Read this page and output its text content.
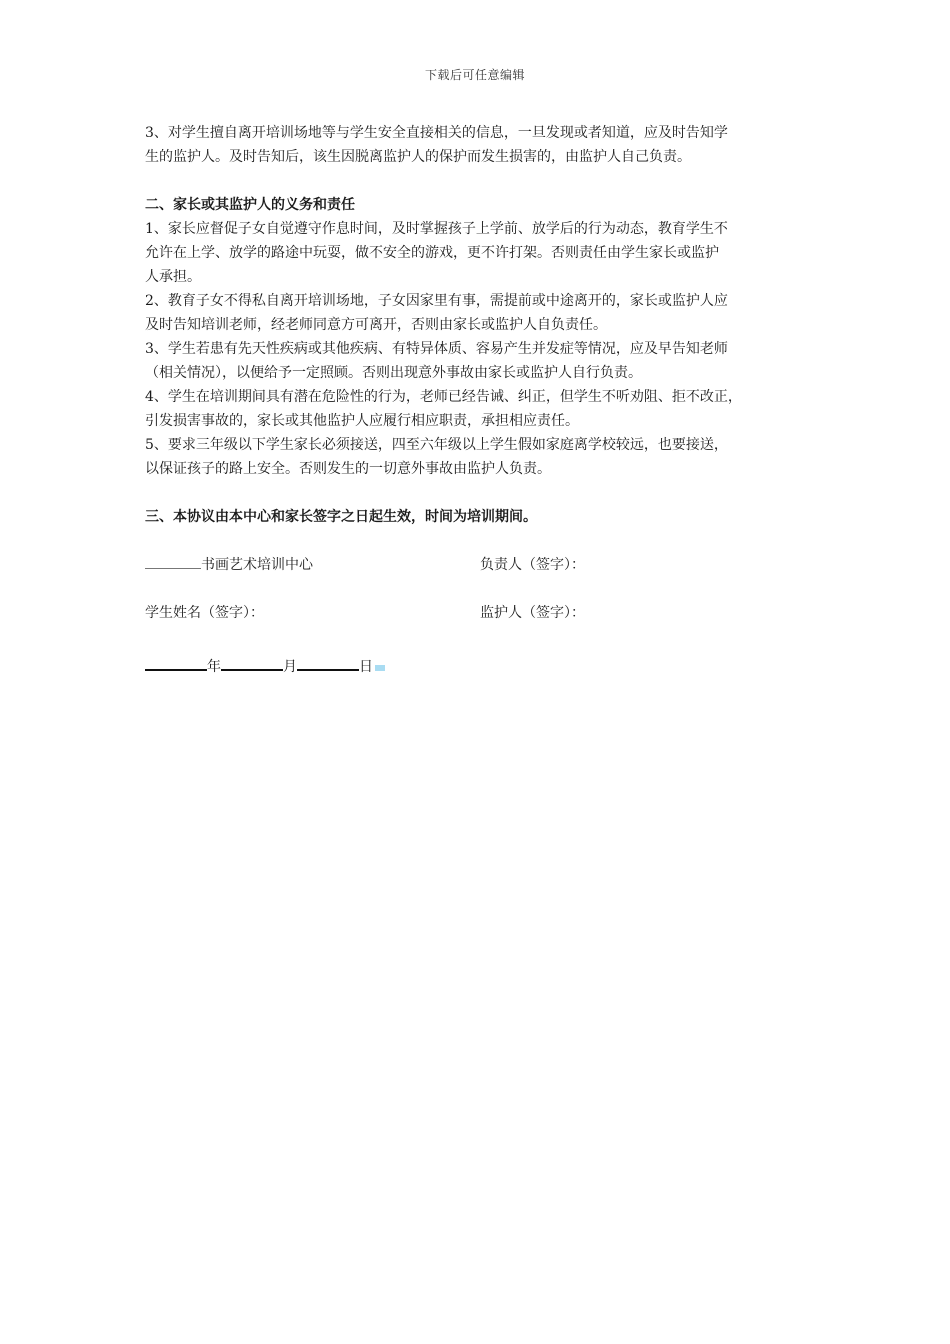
下载后可任意编辑

3、对学生擅自离开培训场地等与学生安全直接相关的信息，一旦发现或者知道，应及时告知学

生的监护人。及时告知后，该生因脱离监护人的保护而发生损害的，由监护人自己负责。

二、家长或其监护人的义务和责任

1、家长应督促子女自觉遵守作息时间，及时掌握孩子上学前、放学后的行为动态，教育学生不

允许在上学、放学的路途中玩耍，做不安全的游戏，更不许打架。否则责任由学生家长或监护

人承担。

2、教育子女不得私自离开培训场地，子女因家里有事，需提前或中途离开的，家长或监护人应

及时告知培训老师，经老师同意方可离开，否则由家长或监护人自负责任。

3、学生若患有先天性疾病或其他疾病、有特异体质、容易产生并发症等情况，应及早告知老师

（相关情况），以便给予一定照顾。否则出现意外事故由家长或监护人自行负责。

4、学生在培训期间具有潜在危险性的行为，老师已经告诫、纠正，但学生不听劝阻、拒不改正，

引发损害事故的，家长或其他监护人应履行相应职责，承担相应责任。

5、要求三年级以下学生家长必须接送，四至六年级以上学生假如家庭离学校较远，也要接送，

以保证孩子的路上安全。否则发生的一切意外事故由监护人负责。

三、本协议由本中心和家长签字之日起生效，时间为培训期间。

书画艺术培训中心	负责人（签字）：
学生姓名（签字）：	监护人（签字）：
年	月	日
